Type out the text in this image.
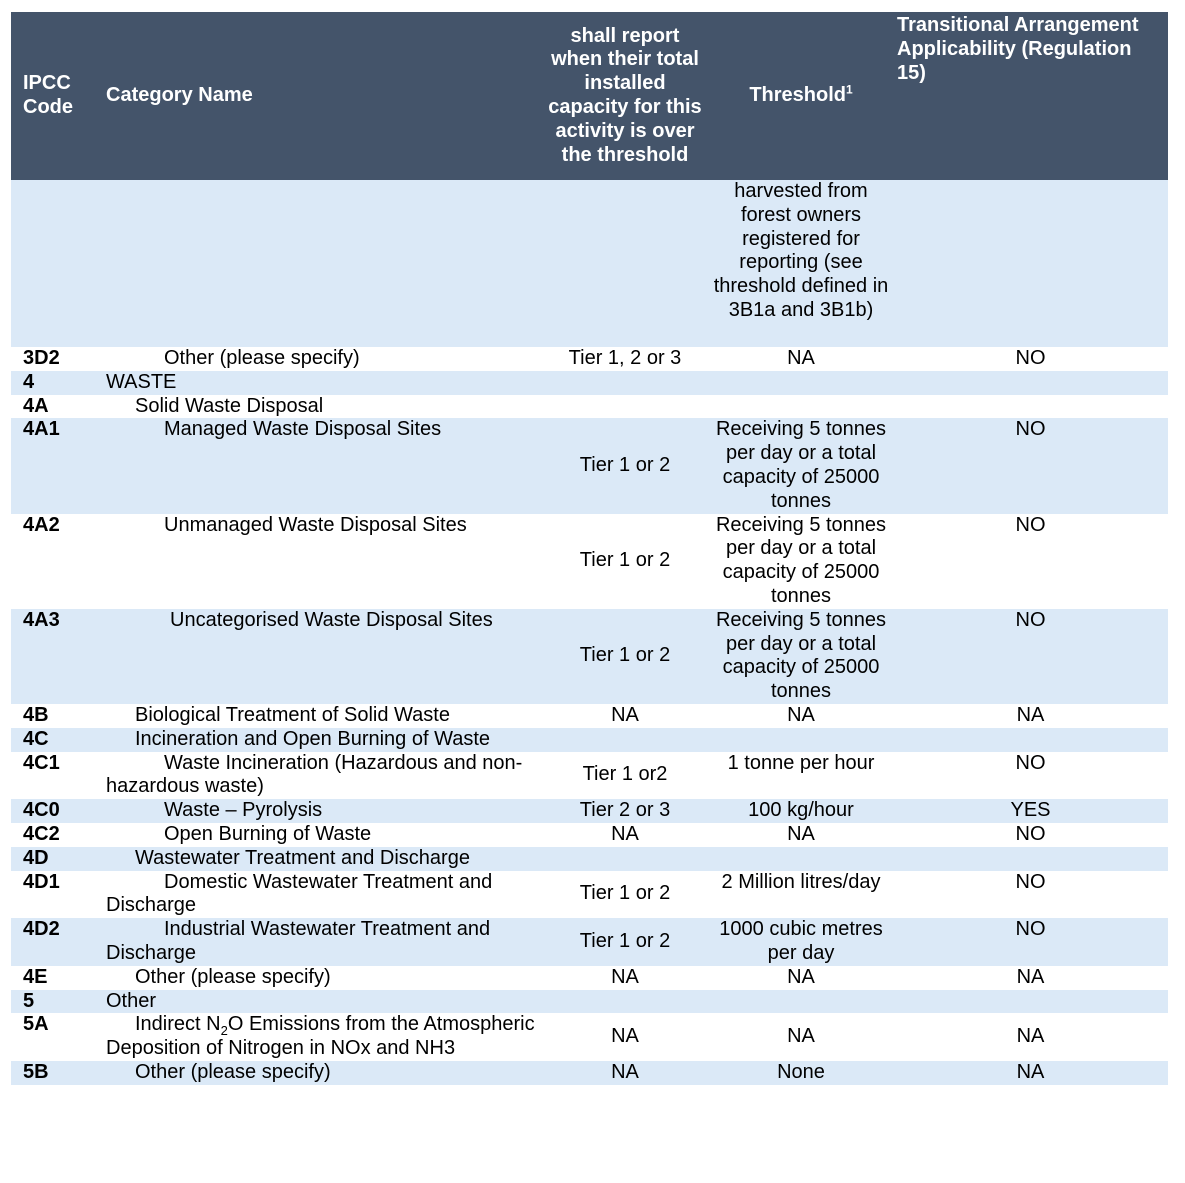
IPCC Code	Category Name	shall report when their total installed capacity for this activity is over the threshold	Threshold$^1$	Transitional Arrangement Applicability (Regulation 15)
			harvested from forest owners registered for reporting (see threshold defined in 3B1a and 3B1b)	
3D2	Other (please specify)	Tier 1, 2 or 3	NA	NO
4	WASTE			
4A	Solid Waste Disposal			
4A1	Managed Waste Disposal Sites	Tier 1 or 2	Receiving 5 tonnes per day or a total capacity of 25000 tonnes	NO
4A2	Unmanaged Waste Disposal Sites	Tier 1 or 2	Receiving 5 tonnes per day or a total capacity of 25000 tonnes	NO
4A3	Uncategorised Waste Disposal Sites	Tier 1 or 2	Receiving 5 tonnes per day or a total capacity of 25000 tonnes	NO
4B	Biological Treatment of Solid Waste	NA	NA	NA
4C	Incineration and Open Burning of Waste			
4C1	Waste Incineration (Hazardous and non-hazardous waste)	Tier 1 or2	1 tonne per hour	NO
4C0	Waste – Pyrolysis	Tier 2 or 3	100 kg/hour	YES
4C2	Open Burning of Waste	NA	NA	NO
4D	Wastewater Treatment and Discharge			
4D1	Domestic Wastewater Treatment and Discharge	Tier 1 or 2	2 Million litres/day	NO
4D2	Industrial Wastewater Treatment and Discharge	Tier 1 or 2	1000 cubic metres per day	NO
4E	Other (please specify)	NA	NA	NA
5	Other			
5A	Indirect $N_2O$ Emissions from the Atmospheric Deposition of Nitrogen in NOx and NH3	NA	NA	NA
5B	Other (please specify)	NA	None	NA
